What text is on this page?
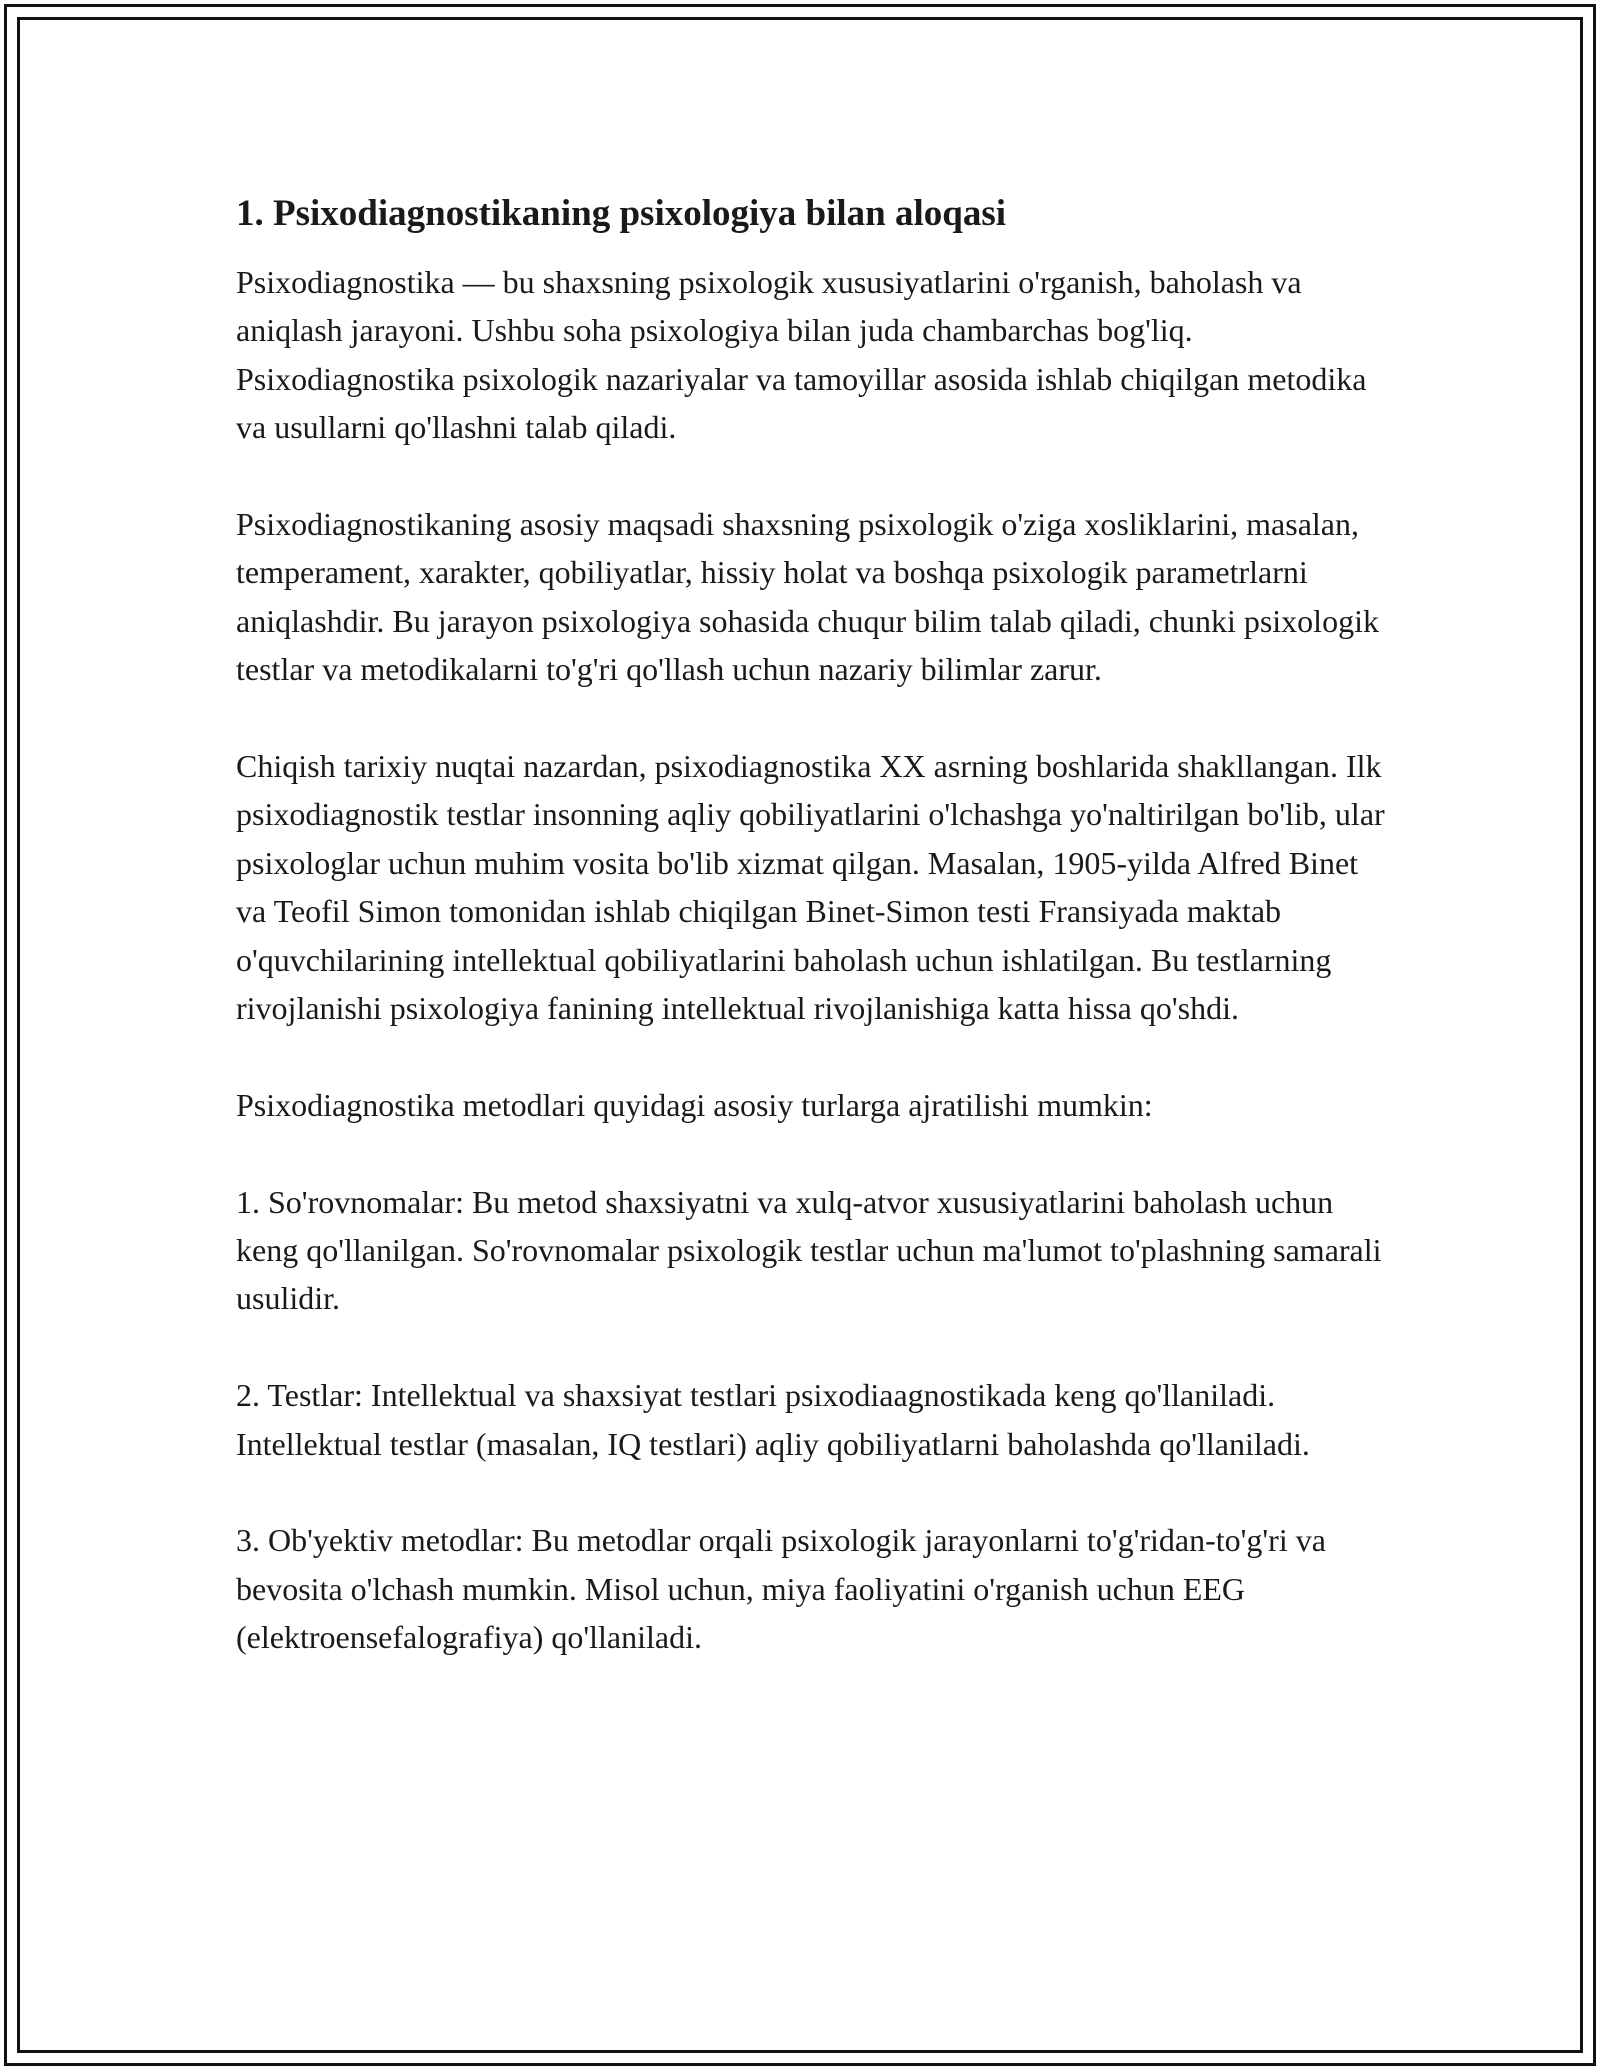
1. Psixodiagnostikaning psixologiya bilan aloqasi

Psixodiagnostika — bu shaxsning psixologik xususiyatlarini o'rganish, baholash va aniqlash jarayoni. Ushbu soha psixologiya bilan juda chambarchas bog'liq. Psixodiagnostika psixologik nazariyalar va tamoyillar asosida ishlab chiqilgan metodika va usullarni qo'llashni talab qiladi.

Psixodiagnostikaning asosiy maqsadi shaxsning psixologik o'ziga xosliklarini, masalan, temperament, xarakter, qobiliyatlar, hissiy holat va boshqa psixologik parametrlarni aniqlashdir. Bu jarayon psixologiya sohasida chuqur bilim talab qiladi, chunki psixologik testlar va metodikalarni to'g'ri qo'llash uchun nazariy bilimlar zarur.

Chiqish tarixiy nuqtai nazardan, psixodiagnostika XX asrning boshlarida shakllangan. Ilk psixodiagnostik testlar insonning aqliy qobiliyatlarini o'lchashga yo'naltirilgan bo'lib, ular psixologlar uchun muhim vosita bo'lib xizmat qilgan. Masalan, 1905-yilda Alfred Binet va Teofil Simon tomonidan ishlab chiqilgan Binet-Simon testi Fransiyada maktab o'quvchilarining intellektual qobiliyatlarini baholash uchun ishlatilgan. Bu testlarning rivojlanishi psixologiya fanining intellektual rivojlanishiga katta hissa qo'shdi.

Psixodiagnostika metodlari quyidagi asosiy turlarga ajratilishi mumkin:

1. So'rovnomalar: Bu metod shaxsiyatni va xulq-atvor xususiyatlarini baholash uchun keng qo'llanilgan. So'rovnomalar psixologik testlar uchun ma'lumot to'plashning samarali usulidir.

2. Testlar: Intellektual va shaxsiyat testlari psixodiaagnostikada keng qo'llaniladi. Intellektual testlar (masalan, IQ testlari) aqliy qobiliyatlarni baholashda qo'llaniladi.

3. Ob'yektiv metodlar: Bu metodlar orqali psixologik jarayonlarni to'g'ridan-to'g'ri va bevosita o'lchash mumkin. Misol uchun, miya faoliyatini o'rganish uchun EEG (elektroensefalografiya) qo'llaniladi.
